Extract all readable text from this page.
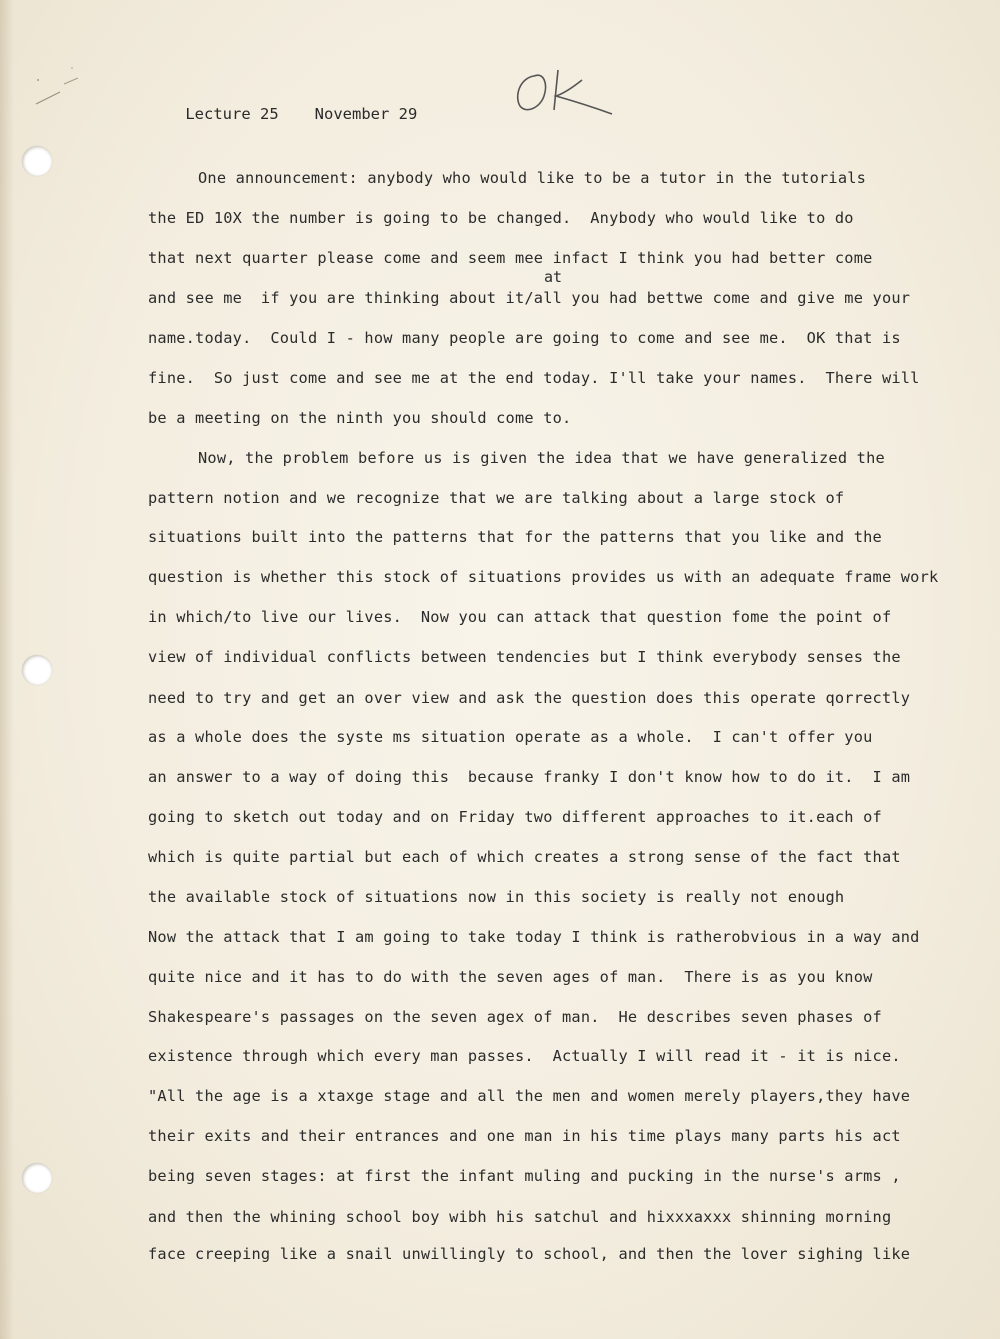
Lecture 25 November 29

at
One announcement: anybody who would like to be a tutor in the tutorials
the ED 10X the number is going to be changed.  Anybody who would like to do
that next quarter please come and seem mee infact I think you had better come
and see me  if you are thinking about it/all you had bettwe come and give me your
name.today.  Could I - how many people are going to come and see me.  OK that is
fine.  So just come and see me at the end today. I'll take your names.  There will
be a meeting on the ninth you should come to.
Now, the problem before us is given the idea that we have generalized the
pattern notion and we recognize that we are talking about a large stock of
situations built into the patterns that for the patterns that you like and the
question is whether this stock of situations provides us with an adequate frame work
in which/to live our lives.  Now you can attack that question fome the point of
view of individual conflicts between tendencies but I think everybody senses the
need to try and get an over view and ask the question does this operate qorrectly
as a whole does the syste ms situation operate as a whole.  I can't offer you
an answer to a way of doing this  because franky I don't know how to do it.  I am
going to sketch out today and on Friday two different approaches to it.each of
which is quite partial but each of which creates a strong sense of the fact that
the available stock of situations now in this society is really not enough
Now the attack that I am going to take today I think is ratherobvious in a way and
quite nice and it has to do with the seven ages of man.  There is as you know
Shakespeare's passages on the seven agex of man.  He describes seven phases of
existence through which every man passes.  Actually I will read it - it is nice.
"All the age is a xtaxge stage and all the men and women merely players,they have
their exits and their entrances and one man in his time plays many parts his act
being seven stages: at first the infant muling and pucking in the nurse's arms ,
and then the whining school boy wibh his satchul and hixxxaxxx shinning morning
face creeping like a snail unwillingly to school, and then the lover sighing like
